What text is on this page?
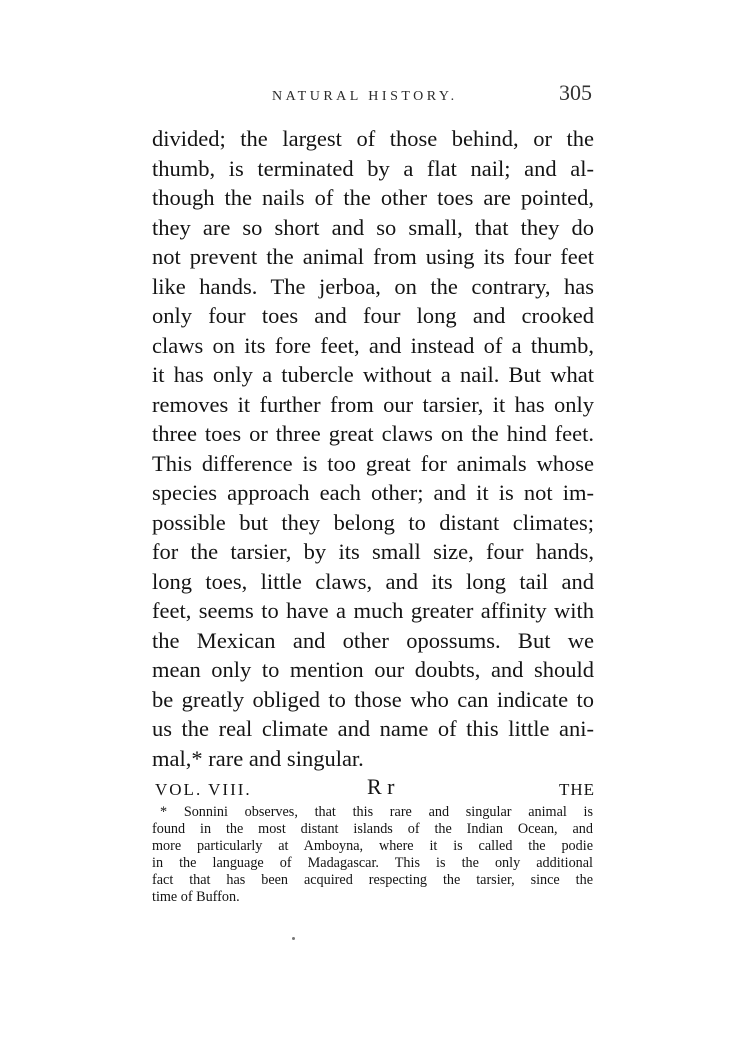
NATURAL HISTORY.	305
divided; the largest of those behind, or the
thumb, is terminated by a flat nail; and al-
though the nails of the other toes are pointed,
they are so short and so small, that they do
not prevent the animal from using its four feet
like hands. The jerboa, on the contrary, has
only four toes and four long and crooked
claws on its fore feet, and instead of a thumb,
it has only a tubercle without a nail. But what
removes it further from our tarsier, it has only
three toes or three great claws on the hind feet.
This difference is too great for animals whose
species approach each other; and it is not im-
possible but they belong to distant climates;
for the tarsier, by its small size, four hands,
long toes, little claws, and its long tail and
feet, seems to have a much greater affinity with
the Mexican and other opossums. But we
mean only to mention our doubts, and should
be greatly obliged to those who can indicate to
us the real climate and name of this little ani-
mal,* rare and singular.
VOL. VIII.	R r	THE
* Sonnini observes, that this rare and singular animal is
found in the most distant islands of the Indian Ocean, and
more particularly at Amboyna, where it is called the podie
in the language of Madagascar. This is the only additional
fact that has been acquired respecting the tarsier, since the
time of Buffon.
